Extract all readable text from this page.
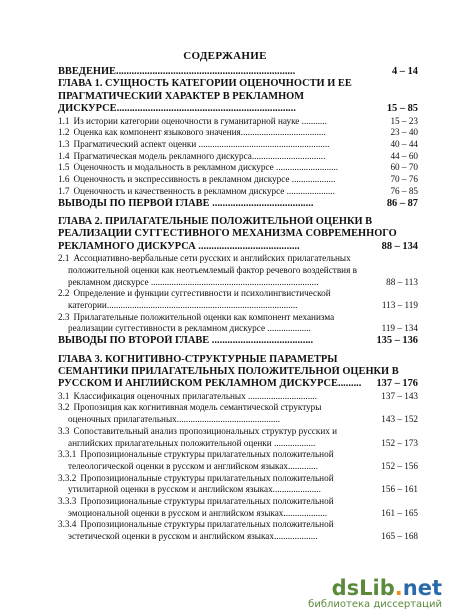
СОДЕРЖАНИЕ
ВВЕДЕНИЕ.....................................................................	4 – 14
ГЛАВА 1. СУЩНОСТЬ КАТЕГОРИИ ОЦЕНОЧНОСТИ И ЕЕ
ПРАГМАТИЧЕСКИЙ ХАРАКТЕР В РЕКЛАМНОМ
ДИСКУРСЕ.....................................................................	15 – 85
1.1 Из истории категории оценочности в гуманитарной науке ...........	15 – 23
1.2 Оценка как компонент языкового значения.....................................	23 – 40
1.3 Прагматический аспект оценки .........................................................	40 – 44
1.4 Прагматическая модель рекламного дискурса................................	44 – 60
1.5 Оценочность и модальность в рекламном дискурсе ...........................	60 – 70
1.6 Оценочность и экспрессивность в рекламном дискурсе ...................	70 – 76
1.7 Оценочность и качественность в рекламном дискурсе .....................	76 – 85
ВЫВОДЫ ПО ПЕРВОЙ ГЛАВЕ .......................................	86 – 87
ГЛАВА 2. ПРИЛАГАТЕЛЬНЫЕ ПОЛОЖИТЕЛЬНОЙ ОЦЕНКИ В
РЕАЛИЗАЦИИ СУГГЕСТИВНОГО МЕХАНИЗМА СОВРЕМЕННОГО
РЕКЛАМНОГО ДИСКУРСА .......................................	88 – 134
2.1 Ассоциативно-вербальные сети русских и английских прилагательных
положительной оценки как неотъемлемый фактор речевого воздействия в
рекламном дискурсе .........................................................................	88 – 113
2.2 Определение и функции суггестивности и психолингвистической
категории...................................................................................	113 – 119
2.3 Прилагательные положительной оценки как компонент механизма
реализации суггестивности в рекламном дискурсе ...................	119 – 134
ВЫВОДЫ ПО ВТОРОЙ ГЛАВЕ .......................................	135 – 136
ГЛАВА 3. КОГНИТИВНО-СТРУКТУРНЫЕ ПАРАМЕТРЫ
СЕМАНТИКИ ПРИЛАГАТЕЛЬНЫХ ПОЛОЖИТЕЛЬНОЙ ОЦЕНКИ В
РУССКОМ И АНГЛИЙСКОМ РЕКЛАМНОМ ДИСКУРСЕ.........	137 – 176
3.1 Классификация оценочных прилагательных ..............................	137 – 143
3.2 Пропозиция как когнитивная модель семантической структуры
оценочных прилагательных.............................................	143 – 152
3.3 Сопоставительный анализ пропозициональных структур русских и
английских прилагательных положительной оценки ..................	152 – 173
3.3.1 Пропозициональные структуры прилагательных положительной
телеологической оценки в русском и английском языках.............	152 – 156
3.3.2 Пропозициональные структуры прилагательных положительной
утилитарной оценки в русском и английском языках.....................	156 – 161
3.3.3 Пропозициональные структуры прилагательных положительной
эмоциональной оценки в русском и английском языках...................	161 – 165
3.3.4 Пропозициональные структуры прилагательных положительной
эстетической оценки в русском и английском языках...................	165 – 168
dsLib.net
библиотека диссертаций
